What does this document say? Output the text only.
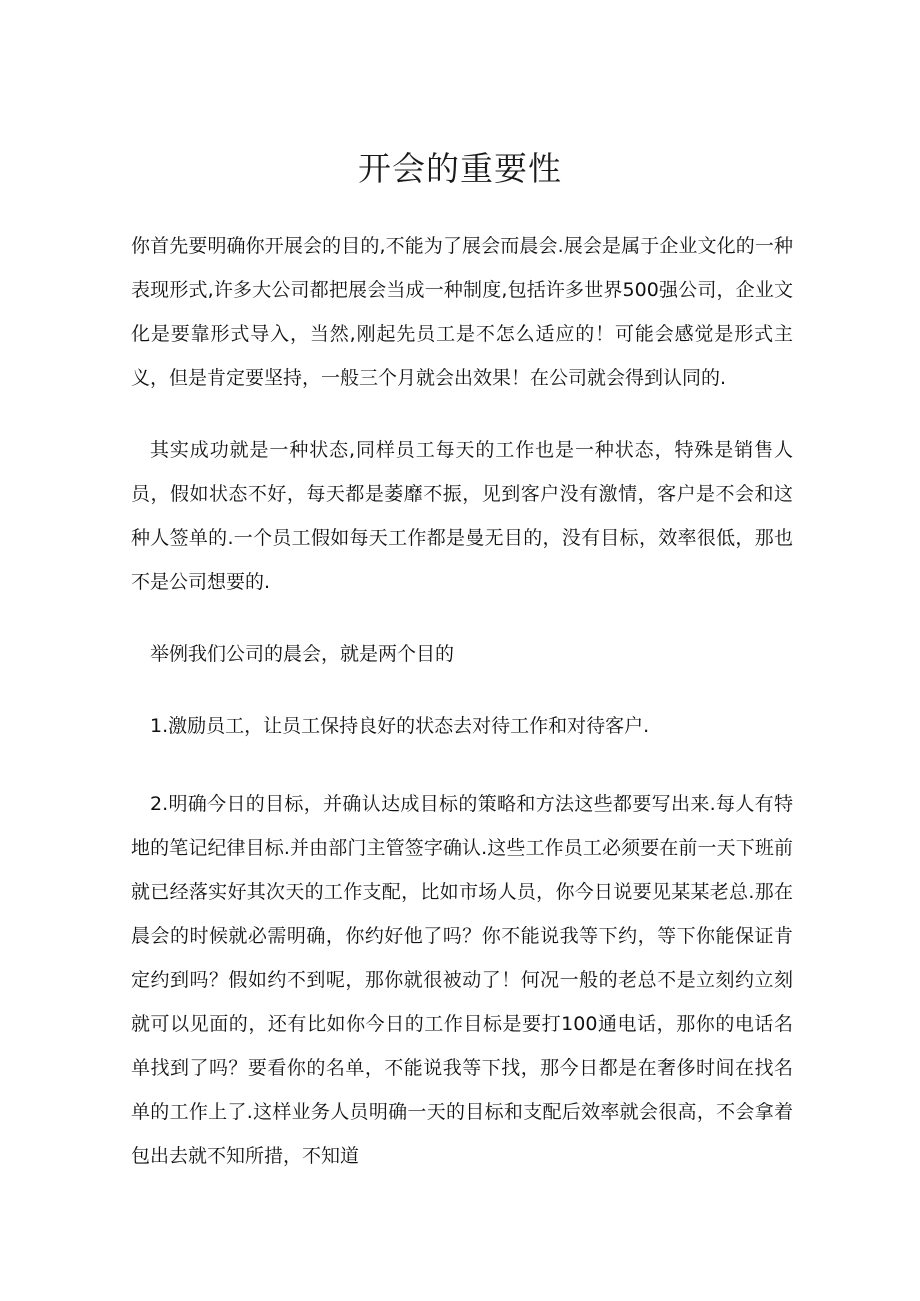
开会的重要性

你首先要明确你开展会的目的,不能为了展会而晨会.展会是属于企业文化的一种表现形式,许多大公司都把展会当成一种制度,包括许多世界500强公司，企业文化是要靠形式导入，当然,刚起先员工是不怎么适应的！可能会感觉是形式主义，但是肯定要坚持，一般三个月就会出效果！在公司就会得到认同的.

其实成功就是一种状态,同样员工每天的工作也是一种状态，特殊是销售人员，假如状态不好，每天都是萎靡不振，见到客户没有激情，客户是不会和这种人签单的.一个员工假如每天工作都是曼无目的，没有目标，效率很低，那也不是公司想要的.

举例我们公司的晨会，就是两个目的

1.激励员工，让员工保持良好的状态去对待工作和对待客户.

2.明确今日的目标，并确认达成目标的策略和方法这些都要写出来.每人有特地的笔记纪律目标.并由部门主管签字确认.这些工作员工必须要在前一天下班前就已经落实好其次天的工作支配，比如市场人员，你今日说要见某某老总.那在晨会的时候就必需明确，你约好他了吗？你不能说我等下约，等下你能保证肯定约到吗？假如约不到呢，那你就很被动了！何况一般的老总不是立刻约立刻就可以见面的，还有比如你今日的工作目标是要打100通电话，那你的电话名单找到了吗？要看你的名单，不能说我等下找，那今日都是在奢侈时间在找名单的工作上了.这样业务人员明确一天的目标和支配后效率就会很高，不会拿着包出去就不知所措，不知道
